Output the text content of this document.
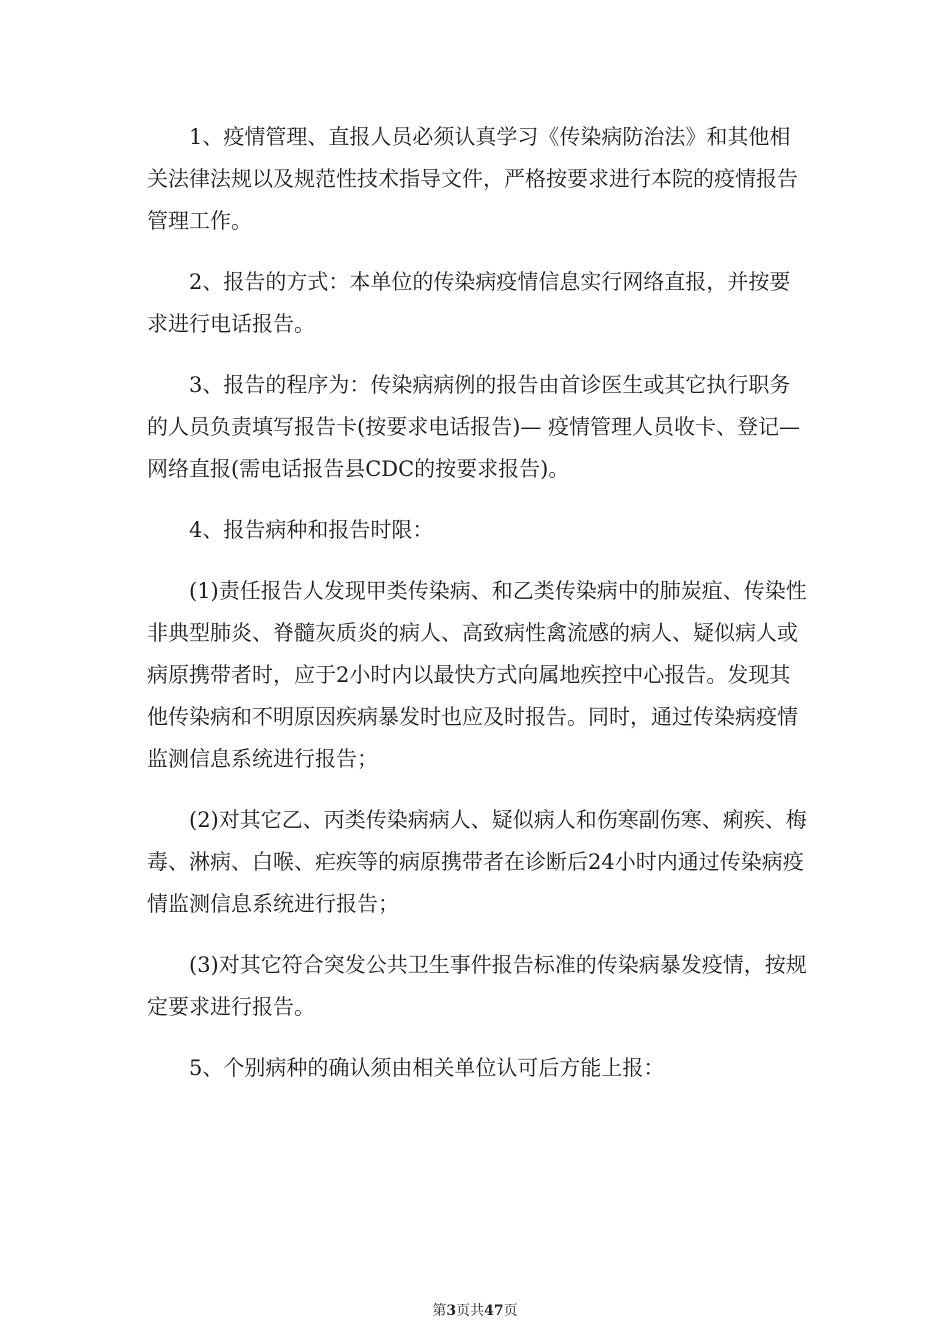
1、疫情管理、直报人员必须认真学习《传染病防治法》和其他相关法律法规以及规范性技术指导文件，严格按要求进行本院的疫情报告管理工作。

2、报告的方式：本单位的传染病疫情信息实行网络直报，并按要求进行电话报告。

3、报告的程序为：传染病病例的报告由首诊医生或其它执行职务的人员负责填写报告卡(按要求电话报告)— 疫情管理人员收卡、登记— 网络直报(需电话报告县CDC的按要求报告)。

4、报告病种和报告时限：

(1)责任报告人发现甲类传染病、和乙类传染病中的肺炭疽、传染性非典型肺炎、脊髓灰质炎的病人、高致病性禽流感的病人、疑似病人或病原携带者时，应于2小时内以最快方式向属地疾控中心报告。发现其他传染病和不明原因疾病暴发时也应及时报告。同时，通过传染病疫情监测信息系统进行报告；

(2)对其它乙、丙类传染病病人、疑似病人和伤寒副伤寒、痢疾、梅毒、淋病、白喉、疟疾等的病原携带者在诊断后24小时内通过传染病疫情监测信息系统进行报告；

(3)对其它符合突发公共卫生事件报告标准的传染病暴发疫情，按规定要求进行报告。

5、个别病种的确认须由相关单位认可后方能上报：

第3页共47页
